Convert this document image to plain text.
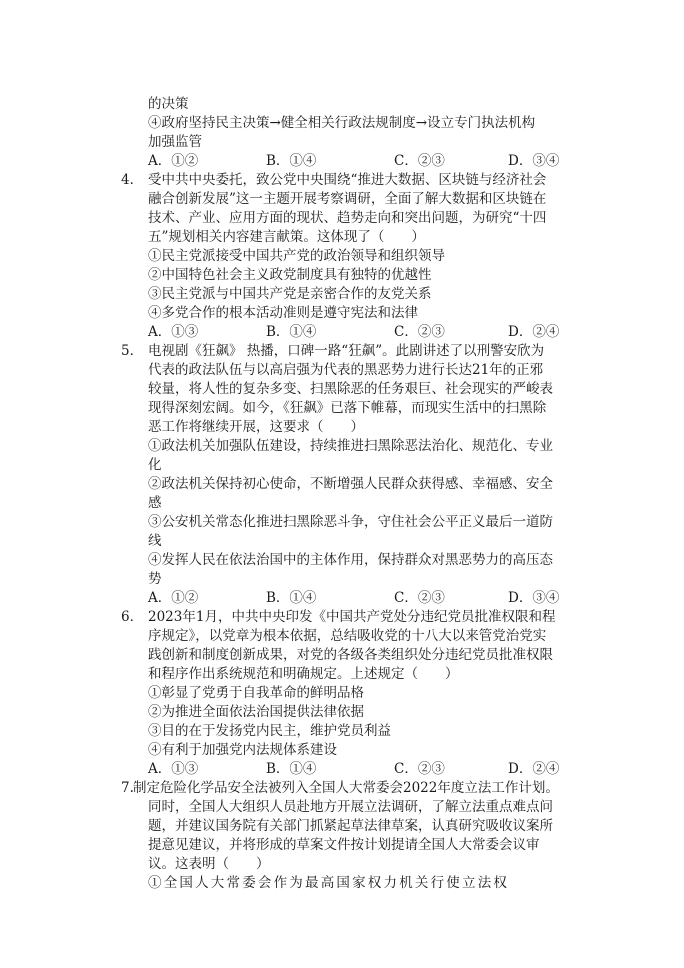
的决策
④政府坚持民主决策→健全相关行政法规制度→设立专门执法机构
加强监管
A．①②	B．①④	C．②③	D．③④
4． 受中共中央委托，致公党中央围绕“推进大数据、区块链与经济社会
融合创新发展”这一主题开展考察调研，全面了解大数据和区块链在
技术、产业、应用方面的现状、趋势走向和突出问题，为研究“十四
五”规划相关内容建言献策。这体现了（　　）
①民主党派接受中国共产党的政治领导和组织领导
②中国特色社会主义政党制度具有独特的优越性
③民主党派与中国共产党是亲密合作的友党关系
④多党合作的根本活动准则是遵守宪法和法律
A．①③	B．①④	C．②③	D．②④
5． 电视剧《狂飙》 热播，口碑一路“狂飙”。此剧讲述了以刑警安欣为
代表的政法队伍与以高启强为代表的黑恶势力进行长达21年的正邪
较量，将人性的复杂多变、扫黑除恶的任务艰巨、社会现实的严峻表
现得深刻宏阔。如今，《狂飙》已落下帷幕，而现实生活中的扫黑除
恶工作将继续开展，这要求（　　）
①政法机关加强队伍建设，持续推进扫黑除恶法治化、规范化、专业
化
②政法机关保持初心使命，不断增强人民群众获得感、幸福感、安全
感
③公安机关常态化推进扫黑除恶斗争，守住社会公平正义最后一道防
线
④发挥人民在依法治国中的主体作用，保持群众对黑恶势力的高压态
势
A．①②	B．①④	C．②③	D．③④
6． 2023年1月，中共中央印发《中国共产党处分违纪党员批准权限和程
序规定》，以党章为根本依据，总结吸收党的十八大以来管党治党实
践创新和制度创新成果，对党的各级各类组织处分违纪党员批准权限
和程序作出系统规范和明确规定。上述规定（　　）
①彰显了党勇于自我革命的鲜明品格
②为推进全面依法治国提供法律依据
③目的在于发扬党内民主，维护党员利益
④有利于加强党内法规体系建设
A．①③	B．①④	C．②③	D．②④
7. 制定危险化学品安全法被列入全国人大常委会2022年度立法工作计划。
同时，全国人大组织人员赴地方开展立法调研，了解立法重点难点问
题，并建议国务院有关部门抓紧起草法律草案，认真研究吸收议案所
提意见建议，并将形成的草案文件按计划提请全国人大常委会议审
议。这表明（　　）
①全国人大常委会作为最高国家权力机关行使立法权
